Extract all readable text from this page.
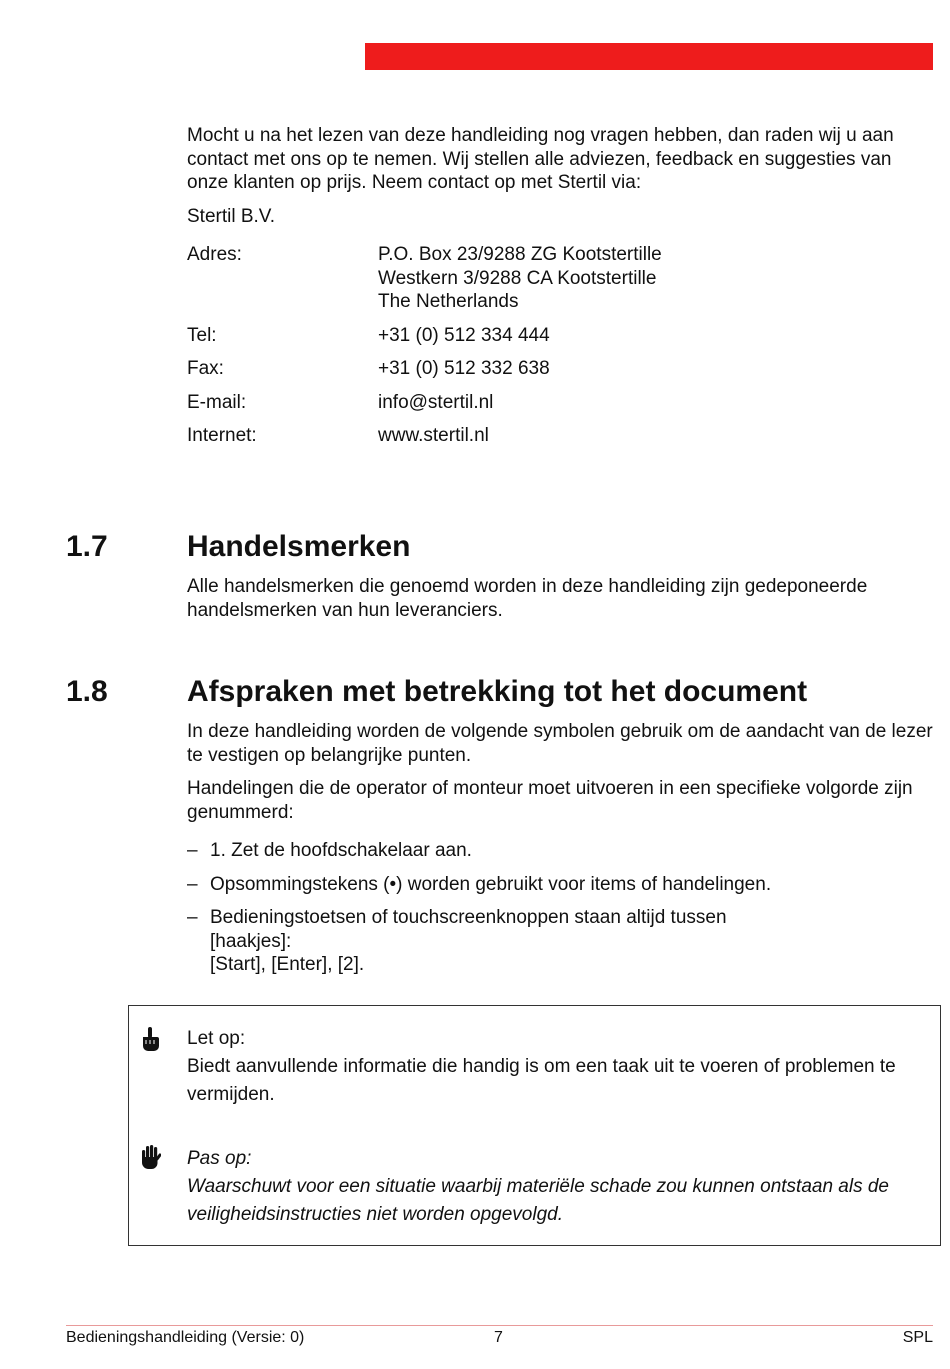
Mocht u na het lezen van deze handleiding nog vragen hebben, dan raden wij u aan contact met ons op te nemen. Wij stellen alle adviezen, feedback en suggesties van onze klanten op prijs. Neem contact op met Stertil via:

Stertil B.V.

Adres:	P.O. Box 23/9288 ZG Kootstertille
Westkern 3/9288 CA Kootstertille
The Netherlands
Tel:	+31 (0) 512 334 444
Fax:	+31 (0) 512 332 638
E-mail:	info@stertil.nl
Internet:	www.stertil.nl
1.7	Handelsmerken

Alle handelsmerken die genoemd worden in deze handleiding zijn gedeponeerde handelsmerken van hun leveranciers.

1.8	Afspraken met betrekking tot het document

In deze handleiding worden de volgende symbolen gebruik om de aandacht van de lezer te vestigen op belangrijke punten.

Handelingen die de operator of monteur moet uitvoeren in een specifieke volgorde zijn genummerd:

– 1. Zet de hoofdschakelaar aan.
– Opsommingstekens (•) worden gebruikt voor items of handelingen.
– Bedieningstoetsen of touchscreenknoppen staan altijd tussen
[haakjes]:
[Start], [Enter], [2].
Let op:
Biedt aanvullende informatie die handig is om een taak uit te voeren of problemen te vermijden.
Pas op:
Waarschuwt voor een situatie waarbij materiële schade zou kunnen ontstaan als de veiligheidsinstructies niet worden opgevolgd.
Bedieningshandleiding (Versie: 0)	7	SPL
